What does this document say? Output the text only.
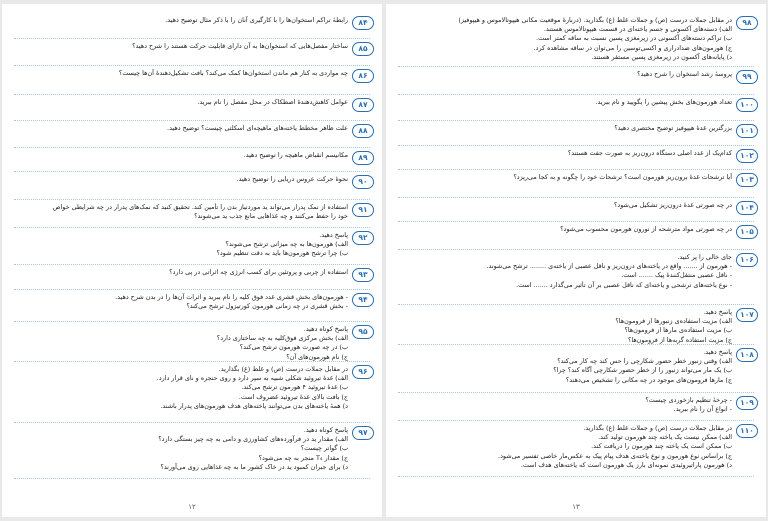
۸۴
رابطهٔ تراکم استخوان‌ها را با کارگیری آنان را با ذکر مثال توضیح دهید.
۸۵
ساختار مفصل‌هایی که استخوان‌ها به آن دارای قابلیت حرکت هستند را شرح دهید؟
۸۶
چه مواردی به کنار هم ماندن استخوان‌ها کمک می‌کند؟ بافت تشکیل‌دهندهٔ آن‌ها چیست؟
۸۷
عوامل کاهش‌دهندهٔ اصطکاک در محل مفصل را نام ببرید.
۸۸
علت ظاهر مخطط یاخته‌های ماهیچه‌ای اسکلتی چیست؟ توضیح دهید.
۸۹
مکانیسم انقباض ماهیچه را توضیح دهید.
۹۰
نحوهٔ حرکت عروس دریایی را توضیح دهید.
۹۱
استفاده از نمک پدرار می‌تواند ید موردنیاز بدن را تأمین کند. تحقیق کنید که نمک‌های پدرار در چه شرایطی خواص
خود را حفظ می‌کنند و چه غذاهایی مانع جذب ید می‌شوند؟
۹۲
پاسخ دهید.
الف) هورمون‌ها به چه میزانی ترشح می‌شوند؟
ب) چرا ترشح هورمون‌ها باید به دقت تنظیم شود؟
۹۳
استفاده از چربی و پروتئین برای کسب انرژی چه اثراتی در پی دارد؟
۹۴
- هورمون‌های بخش قشری غدد فوق کلیه را نام ببرید و اثرات آن‌ها را در بدن شرح دهید.
- بخش قشری در چه زمانی هورمون کورتیزول ترشح می‌کند؟
۹۵
پاسخ کوتاه دهید.
الف) بخش مرکزی فوق‌کلیه به چه ساختاری دارد؟
ب) در چه صورت هورمون ترشح می‌کند؟
ج) نام هورمون‌های آن؟
۹۶
در مقابل جملات درست (ص) و غلط (غ) بگذارید.
الف) غدهٔ تیروئید شکلی شبیه به سپر دارد و روی حنجره و نای قرار دارد.
ب) غدهٔ تیروئید ۴ هورمون ترشح می‌کند.
ج) بافت بالای غدهٔ تیروئید غضروف است.
د) همهٔ یاخته‌های بدن می‌توانند یاخته‌های هدف هورمون‌های پدرار باشند.
۹۷
پاسخ کوتاه دهید.
الف) مقدار ید در فرآورده‌های کشاورزی و دامی به چه چیز بستگی دارد؟
ب) گواتر چیست؟
ج) مقدار T₄ منجر به چه می‌شود؟
د) برای جبران کمبود ید در خاک کشور ما به چه غذاهایی روی می‌آورند؟
۱۲
۹۸
در مقابل جملات درست (ص) و جملات غلط (غ) بگذارید. (دربارهٔ موقعیت مکانی هیپوتالاموس و هیپوفیز)
الف) دسته‌های آکسونی و جسم یاخته‌ای در قسمت هیپوتالاموس هستند.
ب) تراکم دسته‌های آکسونی در زیرمغزی پسین نسبت به ساقه کمتر است.
ج) هورمون‌های ضدادراری و اکسی‌توسین را می‌توان در ساقه مشاهده کرد.
د) پایانه‌های آکسون در زیرمغزی پسین مستقر هستند.
۹۹
پروسهٔ رشد استخوان را شرح دهید؟
۱۰۰
تعداد هورمون‌های بخش پیشین را بگویید و نام ببرید.
۱۰۱
بزرگترین غدهٔ هیپوفیز توضیح مختصری دهید؟
۱۰۲
کدام‌یک از غدد اصلی دستگاه درون‌ریز به صورت جفت هستند؟
۱۰۳
آیا ترشحات غدهٔ برون‌ریز هورمون است؟ ترشحات خود را چگونه و به کجا می‌ریزد؟
۱۰۴
در چه صورتی غدهٔ درون‌ریز تشکیل می‌شود؟
۱۰۵
در چه صورتی مواد مترشحه از نورون هورمون محسوب می‌شود؟
۱۰۶
جای خالی را پر کنید.
- هورمون از ....... واقع در یاخته‌های درون‌ریز و ناقل عصبی از یاخته‌ی ........ ترشح می‌شوند.
- ناقل عصبی منتقل‌کنندهٔ پیک ....... است.
- نوع یاخته‌های ترشحی و یاخته‌ای که ناقل عصبی بر آن تأثیر می‌گذارد ....... است.
۱۰۷
پاسخ دهید.
الف) مزیت استفاده‌ی زنبورها از فرومون‌ها؟
ب) مزیت استفاده‌ی مارها از فرومون‌ها؟
ج) مزیت استفاده گربه‌ها از فرومون‌ها؟
۱۰۸
پاسخ دهید.
الف) وقتی زنبور خطر حضور شکارچی را حس کند چه کار می‌کند؟
ب) یک مار می‌تواند زنبور را از خطر حضور شکارچی آگاه کند؟ چرا؟
ج) مارها فرومون‌های موجود در چه مکانی را تشخیص می‌دهند؟
۱۰۹
- چرخهٔ تنظیم بازخوردی چیست؟
- انواع آن را نام ببرید.
۱۱۰
در مقابل جملات درست (ص) و جملات غلط (غ) بگذارید.
الف) ممکن نیست یک یاخته چند هورمون تولید کند.
ب) ممکن است یک یاخته چند هورمون را دریافت کند.
ج) براساس نوع هورمون و نوع یاخته‌ی هدف پیام پیک به عکس‌مار خاصی تفسیر می‌شود.
د) هورمون پاراتیروئیدی نمونه‌ای بارز یک هورمون است که یاخته‌های هدف است.
۱۳
